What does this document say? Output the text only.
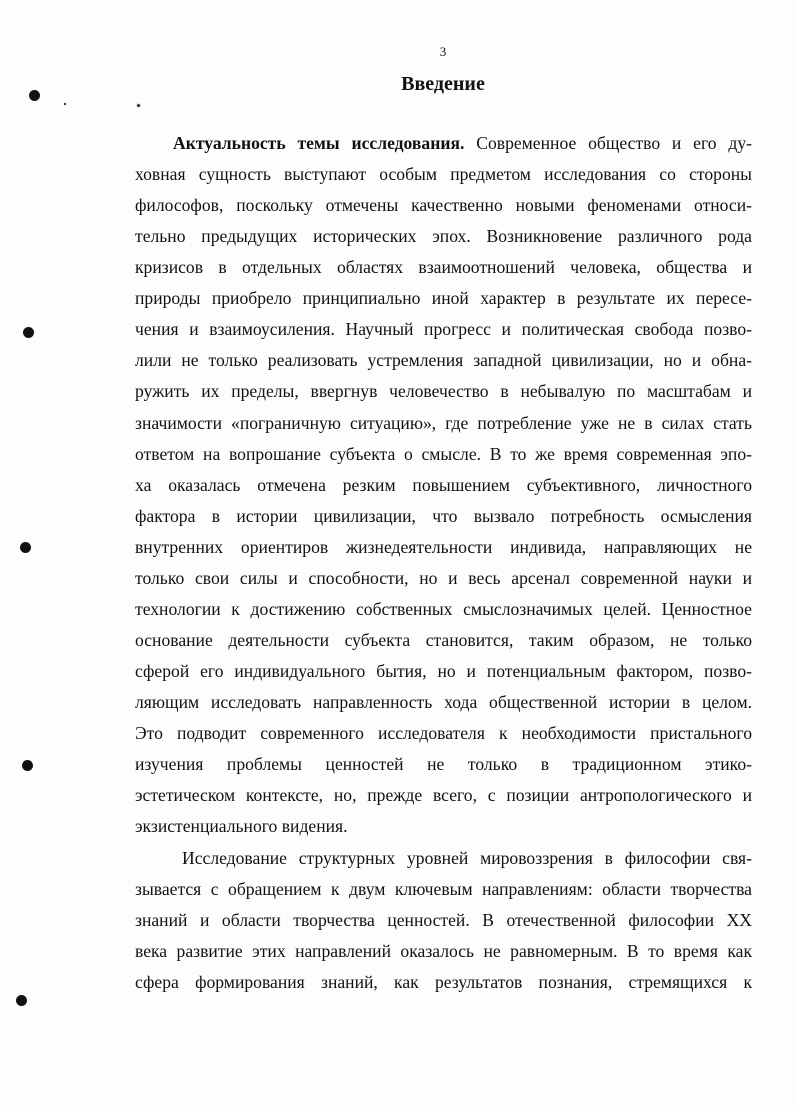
3
Введение
Актуальность темы исследования. Современное общество и его ду-
ховная сущность выступают особым предметом исследования со стороны
философов, поскольку отмечены качественно новыми феноменами относи-
тельно предыдущих исторических эпох. Возникновение различного рода
кризисов в отдельных областях взаимоотношений человека, общества и
природы приобрело принципиально иной характер в результате их пересе-
чения и взаимоусиления. Научный прогресс и политическая свобода позво-
лили не только реализовать устремления западной цивилизации, но и обна-
ружить их пределы, ввергнув человечество в небывалую по масштабам и
значимости «пограничную ситуацию», где потребление уже не в силах стать
ответом на вопрошание субъекта о смысле. В то же время современная эпо-
ха оказалась отмечена резким повышением субъективного, личностного
фактора в истории цивилизации, что вызвало потребность осмысления
внутренних ориентиров жизнедеятельности индивида, направляющих не
только свои силы и способности, но и весь арсенал современной науки и
технологии к достижению собственных смыслозначимых целей. Ценностное
основание деятельности субъекта становится, таким образом, не только
сферой его индивидуального бытия, но и потенциальным фактором, позво-
ляющим исследовать направленность хода общественной истории в целом.
Это подводит современного исследователя к необходимости пристального
изучения проблемы ценностей не только в традиционном этико-
эстетическом контексте, но, прежде всего, с позиции антропологического и
экзистенциального видения.
Исследование структурных уровней мировоззрения в философии свя-
зывается с обращением к двум ключевым направлениям: области творчества
знаний и области творчества ценностей. В отечественной философии XX
века развитие этих направлений оказалось не равномерным. В то время как
сфера формирования знаний, как результатов познания, стремящихся к
